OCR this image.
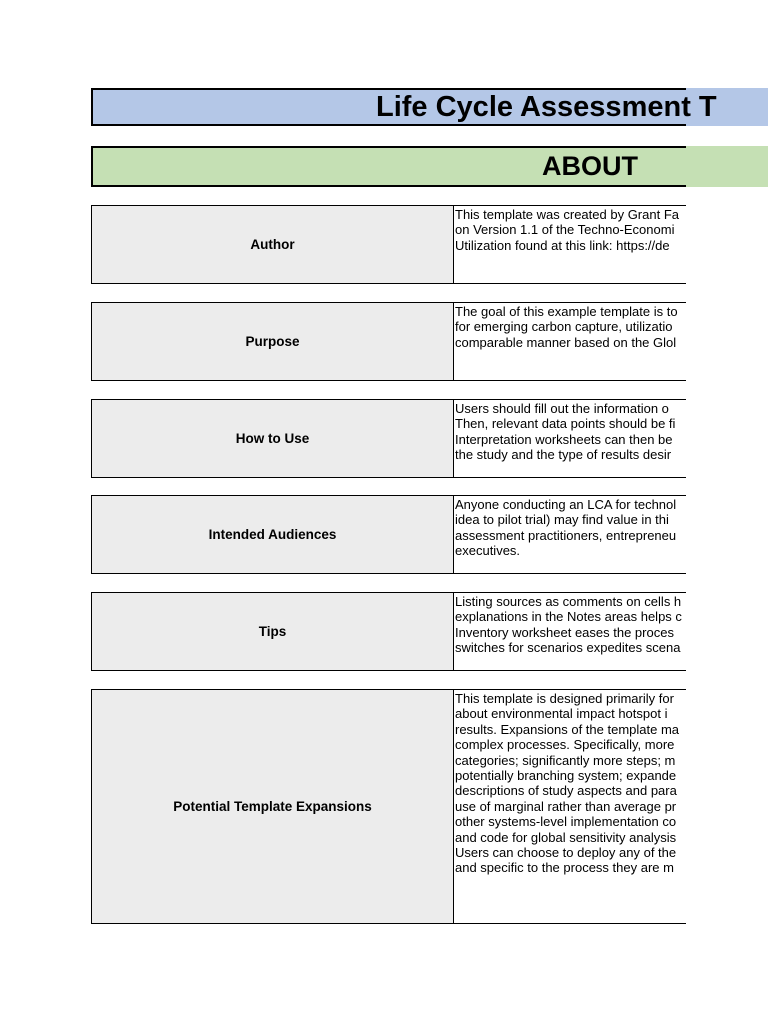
Life Cycle Assessment T
ABOUT
Author
This template was created by Grant Fa
on Version 1.1 of the Techno-Economi
Utilization found at this link: https://de
Purpose
The goal of this example template is to
for emerging carbon capture, utilizatio
comparable manner based on the Glol
How to Use
Users should fill out the information o
Then, relevant data points should be fi
Interpretation worksheets can then be
the study and the type of results desir
Intended Audiences
Anyone conducting an LCA for technol
idea to pilot trial) may find value in thi
assessment practitioners, entrepreneu
executives.
Tips
Listing sources as comments on cells h
explanations in the Notes areas helps c
Inventory worksheet eases the proces
switches for scenarios expedites scena
Potential Template Expansions
This template is designed primarily for
about environmental impact hotspot i
results. Expansions of the template ma
complex processes. Specifically, more
categories; significantly more steps; m
potentially branching system; expande
descriptions of study aspects and para
use of marginal rather than average pr
other systems-level implementation co
and code for global sensitivity analysis
Users can choose to deploy any of the
and specific to the process they are m
